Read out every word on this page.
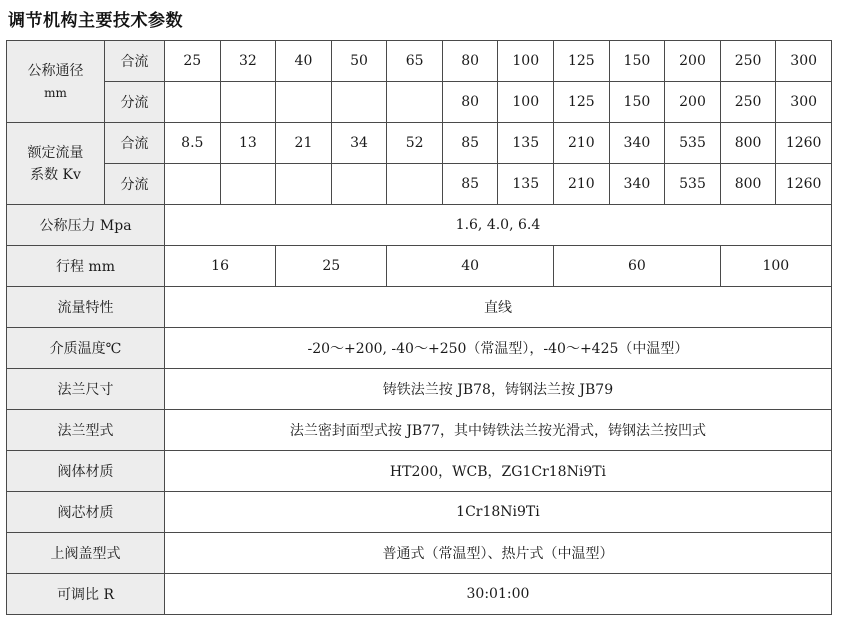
调节机构主要技术参数
公称通径
mm	合流	25	32	40	50	65	80	100	125	150	200	250	300
	分流						80	100	125	150	200	250	300
额定流量
系数 Kv	合流	8.5	13	21	34	52	85	135	210	340	535	800	1260
	分流						85	135	210	340	535	800	1260
公称压力 Mpa		1.6, 4.0, 6.4											
行程 mm		16		25		40			60			100	
流量特性		直线											
介质温度℃		-20～+200, -40～+250（常温型），-40～+425（中温型）											
法兰尺寸		铸铁法兰按 JB78，铸钢法兰按 JB79											
法兰型式		法兰密封面型式按 JB77，其中铸铁法兰按光滑式，铸钢法兰按凹式											
阀体材质		HT200，WCB，ZG1Cr18Ni9Ti											
阀芯材质		1Cr18Ni9Ti											
上阀盖型式		普通式（常温型）、热片式（中温型）											
可调比 R		30:01:00											
